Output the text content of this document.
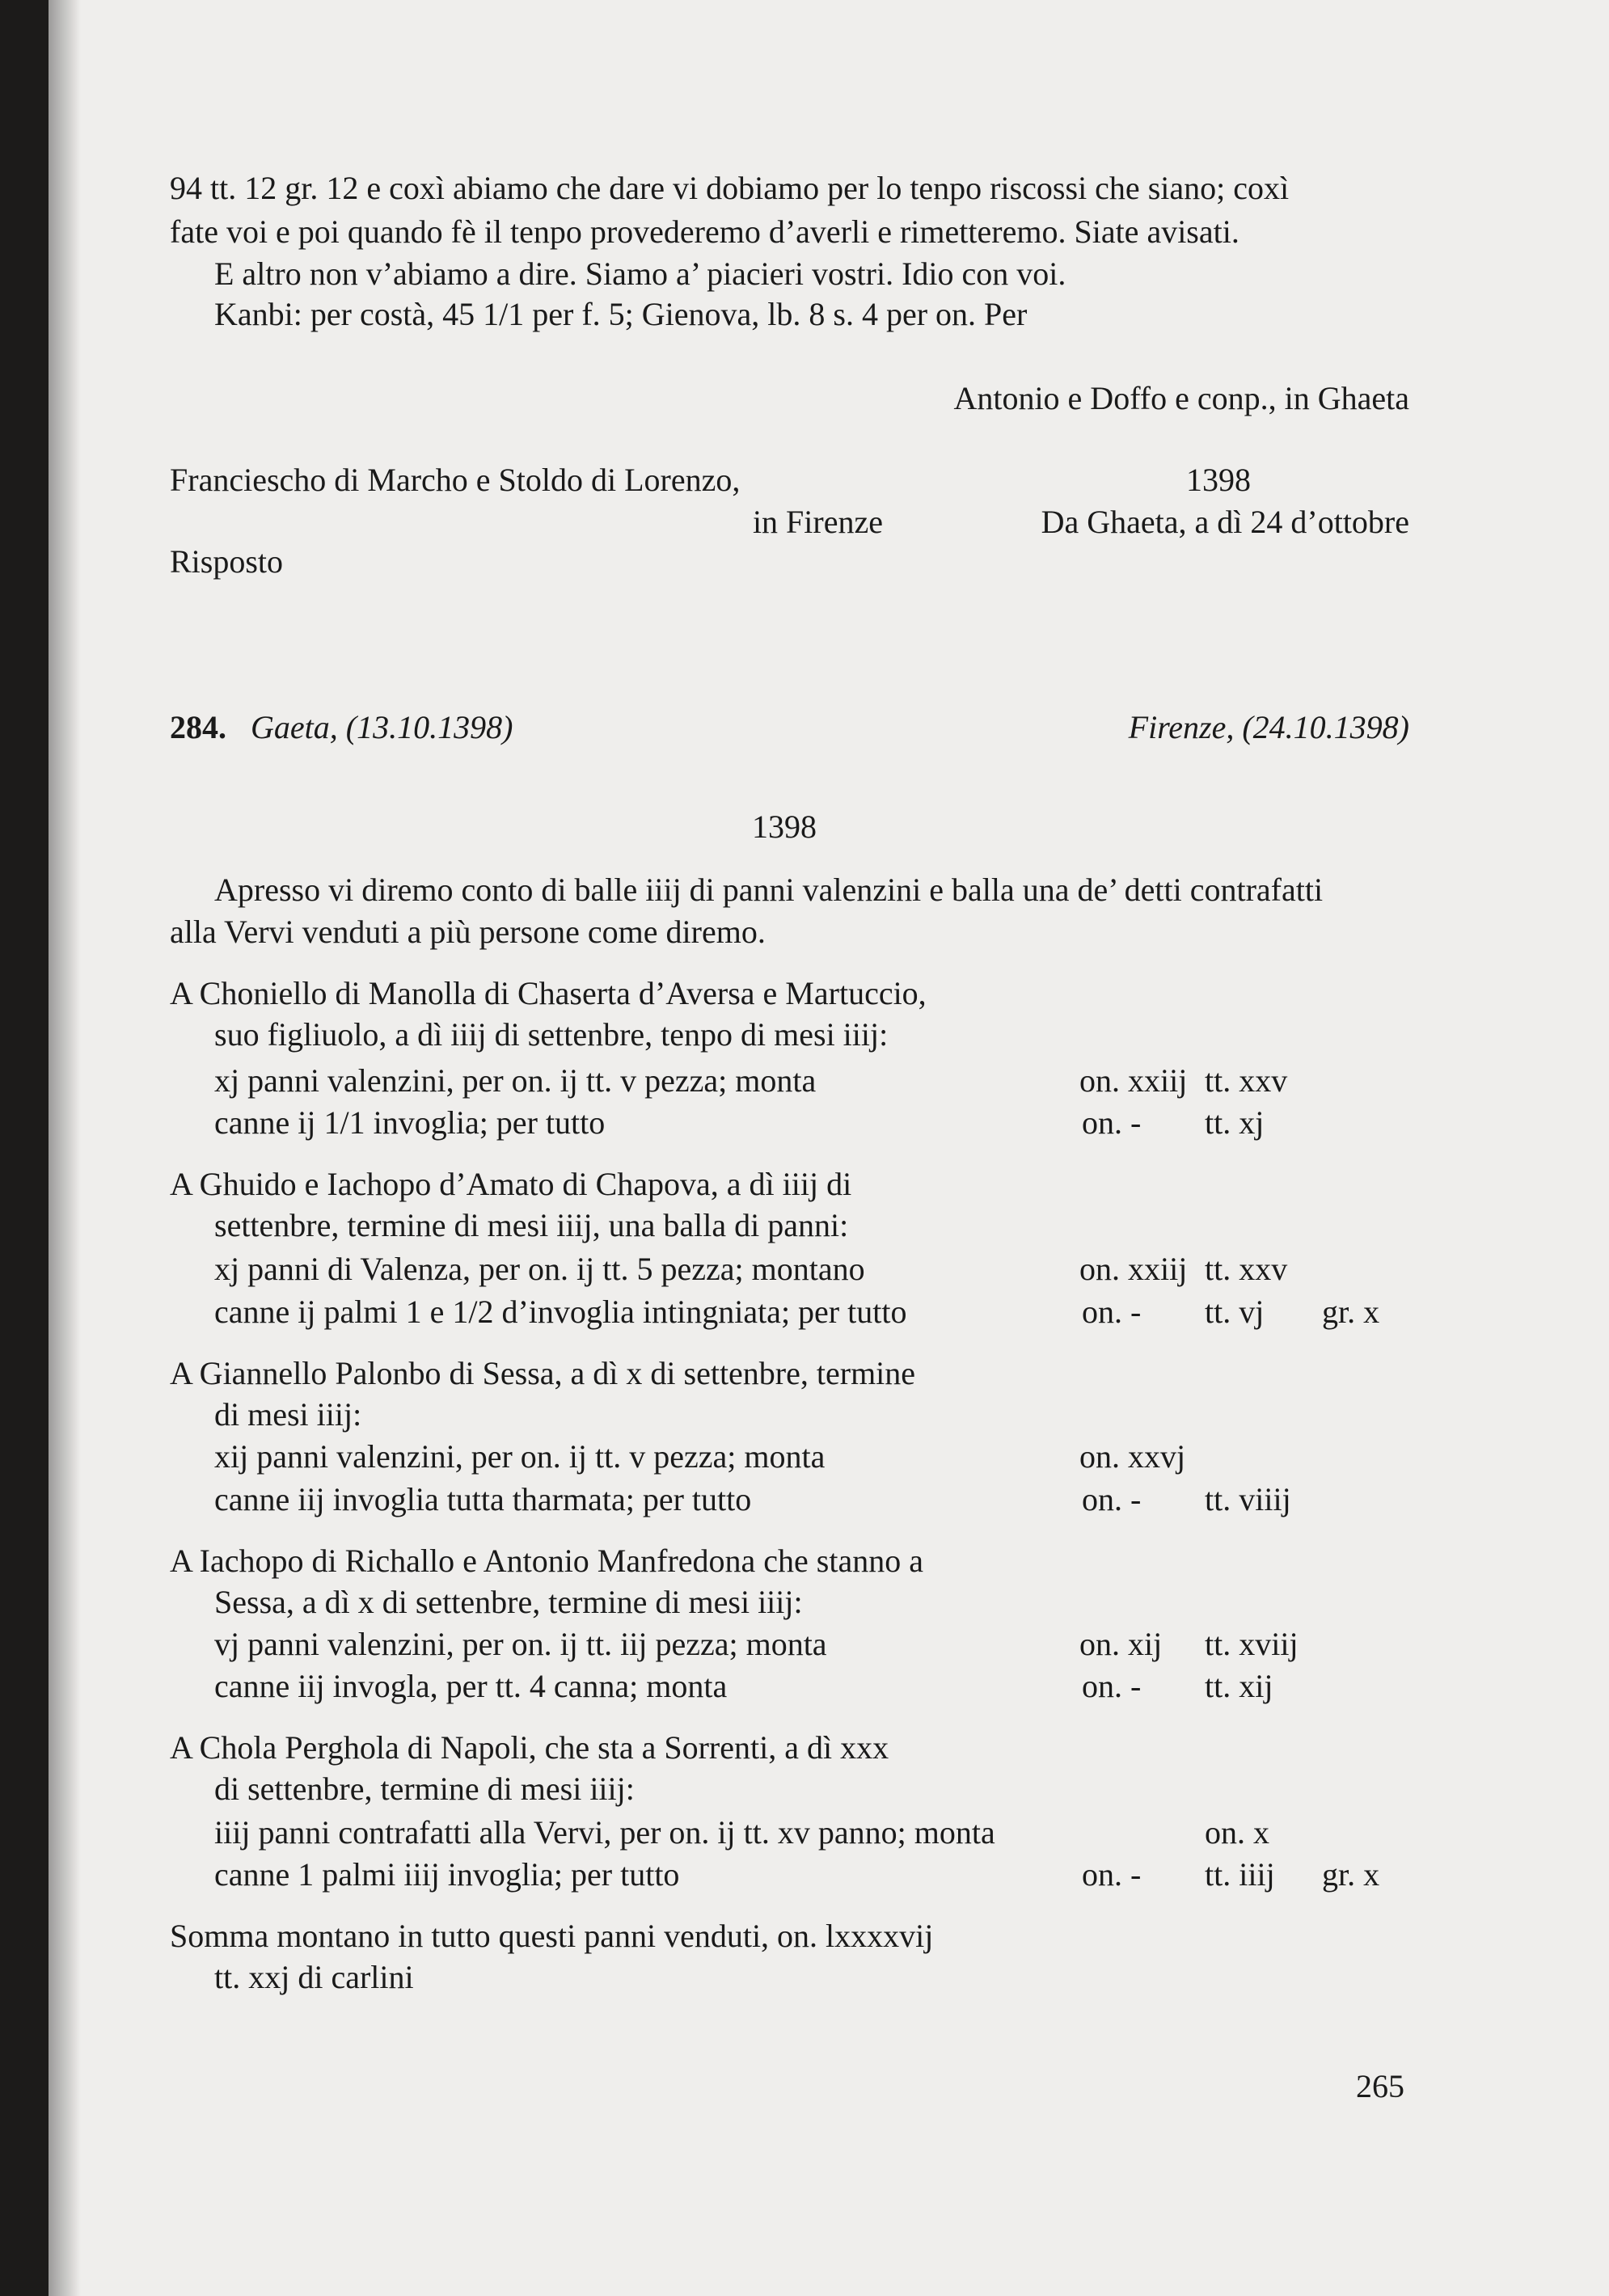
94 tt. 12 gr. 12 e coxì abiamo che dare vi dobiamo per lo tenpo riscossi che siano; coxì

fate voi e poi quando fè il tenpo provederemo d’averli e rimetteremo. Siate avisati.

E altro non v’abiamo a dire. Siamo a’ piacieri vostri. Idio con voi.

Kanbi: per costà, 45 1/1 per f. 5; Gienova, lb. 8 s. 4 per on. Per

Antonio e Doffo e conp., in Ghaeta

Franciescho di Marcho e Stoldo di Lorenzo,	1398

in Firenze	Da Ghaeta, a dì 24 d’ottobre

Risposto

284. Gaeta, (13.10.1398)	Firenze, (24.10.1398)

1398

Apresso vi diremo conto di balle iiij di panni valenzini e balla una de’ detti contrafatti

alla Vervi venduti a più persone come diremo.

A Choniello di Manolla di Chaserta d’Aversa e Martuccio,

suo figliuolo, a dì iiij di settenbre, tenpo di mesi iiij:

xj panni valenzini, per on. ij tt. v pezza; monta	on. xxiij tt. xxv

canne ij 1/1 invoglia; per tutto	on. - tt. xj

A Ghuido e Iachopo d’Amato di Chapova, a dì iiij di

settenbre, termine di mesi iiij, una balla di panni:

xj panni di Valenza, per on. ij tt. 5 pezza; montano	on. xxiij tt. xxv

canne ij palmi 1 e 1/2 d’invoglia intingniata; per tutto	on. - tt. vj gr. x

A Giannello Palonbo di Sessa, a dì x di settenbre, termine

di mesi iiij:

xij panni valenzini, per on. ij tt. v pezza; monta	on. xxvj

canne iij invoglia tutta tharmata; per tutto	on. - tt. viiij

A Iachopo di Richallo e Antonio Manfredona che stanno a

Sessa, a dì x di settenbre, termine di mesi iiij:

vj panni valenzini, per on. ij tt. iij pezza; monta	on. xij tt. xviij

canne iij invogla, per tt. 4 canna; monta	on. - tt. xij

A Chola Perghola di Napoli, che sta a Sorrenti, a dì xxx

di settenbre, termine di mesi iiij:

iiij panni contrafatti alla Vervi, per on. ij tt. xv panno; monta	on. x

canne 1 palmi iiij invoglia; per tutto	on. - tt. iiij gr. x

Somma montano in tutto questi panni venduti, on. lxxxxvij

tt. xxj di carlini

265
